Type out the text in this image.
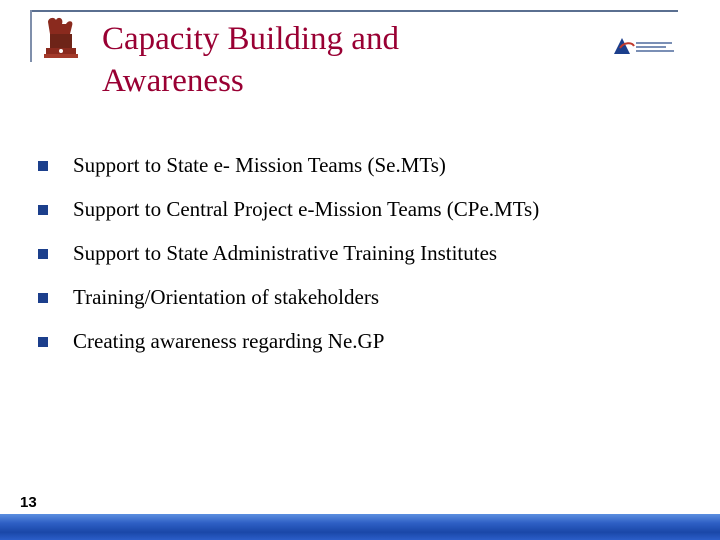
Capacity Building and
Awareness
Support to State e- Mission Teams (Se.MTs)
Support to Central Project e-Mission Teams (CPe.MTs)
Support to State Administrative Training Institutes
Training/Orientation of stakeholders
Creating awareness regarding Ne.GP
13
